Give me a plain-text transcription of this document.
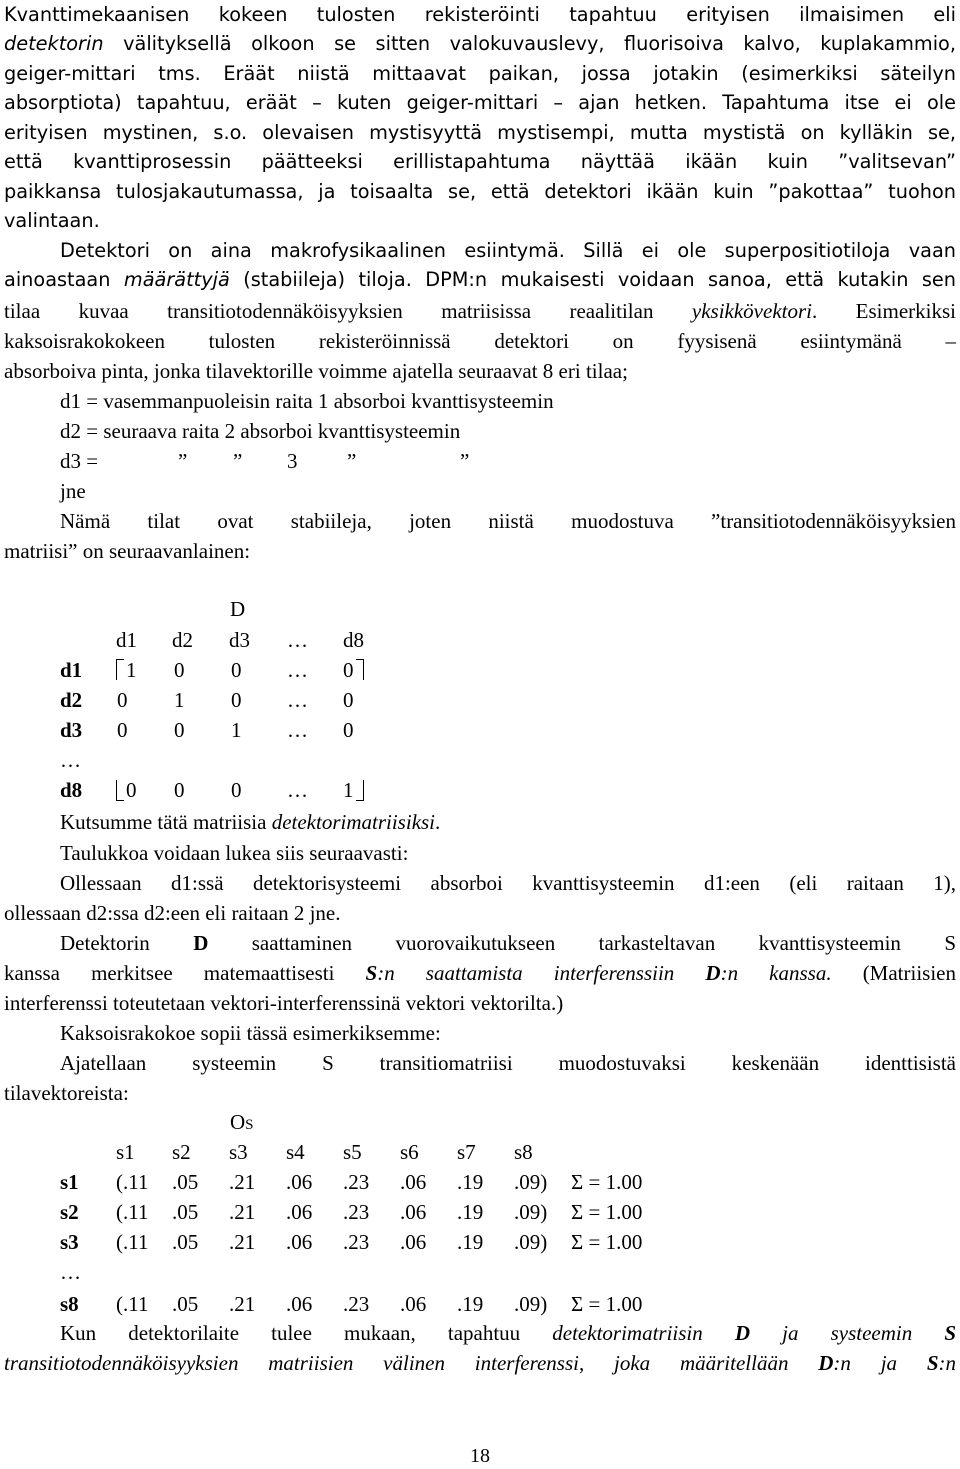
Kvanttimekaanisen kokeen tulosten rekisteröinti tapahtuu erityisen ilmaisimen eli
detektorin välityksellä olkoon se sitten valokuvauslevy, fluorisoiva kalvo, kuplakammio,
geiger-mittari tms. Eräät niistä mittaavat paikan, jossa jotakin (esimerkiksi säteilyn
absorptiota) tapahtuu, eräät – kuten geiger-mittari – ajan hetken. Tapahtuma itse ei ole
erityisen mystinen, s.o. olevaisen mystisyyttä mystisempi, mutta mystistä on kylläkin se,
että kvanttiprosessin päätteeksi erillistapahtuma näyttää ikään kuin ”valitsevan”
paikkansa tulosjakautumassa, ja toisaalta se, että detektori ikään kuin ”pakottaa” tuohon
valintaan.
Detektori on aina makrofysikaalinen esiintymä. Sillä ei ole superpositiotiloja vaan
ainoastaan määrättyjä (stabiileja) tiloja. DPM:n mukaisesti voidaan sanoa, että kutakin sen
tilaa kuvaa transitiotodennäköisyyksien matriisissa reaalitilan yksikkövektori. Esimerkiksi
kaksoisrakokokeen tulosten rekisteröinnissä detektori on fyysisenä esiintymänä –
absorboiva pinta, jonka tilavektorille voimme ajatella seuraavat 8 eri tilaa;
d1 = vasemmanpuoleisin raita 1 absorboi kvanttisysteemin
d2 = seuraava raita 2 absorboi kvanttisysteemin
d3 =	” ” 3 ”	”
jne
Nämä tilat ovat stabiileja, joten niistä muodostuva ”transitiotodennäköisyyksien
matriisi” on seuraavanlainen:
D
d1 d2 d3 … d8
d1 1 0 0 … 0
d2 0 1 0 … 0
d3 0 0 1 … 0
…
d8 0 0 0 … 1
Kutsumme tätä matriisia detektorimatriisiksi.
Taulukkoa voidaan lukea siis seuraavasti:
Ollessaan d1:ssä detektorisysteemi absorboi kvanttisysteemin d1:een (eli raitaan 1),
ollessaan d2:ssa d2:een eli raitaan 2 jne.
Detektorin D saattaminen vuorovaikutukseen tarkasteltavan kvanttisysteemin S
kanssa merkitsee matemaattisesti S:n saattamista interferenssiin D:n kanssa. (Matriisien
interferenssi toteutetaan vektori-interferenssinä vektori vektorilta.)
Kaksoisrakokoe sopii tässä esimerkiksemme:
Ajatellaan systeemin S transitiomatriisi muodostuvaksi keskenään identtisistä
tilavektoreista:
OS
s1 s2 s3 s4 s5 s6 s7 s8
s1 (.11 .05 .21 .06 .23 .06 .19 .09) Σ = 1.00
s2 (.11 .05 .21 .06 .23 .06 .19 .09) Σ = 1.00
s3 (.11 .05 .21 .06 .23 .06 .19 .09) Σ = 1.00
…
s8 (.11 .05 .21 .06 .23 .06 .19 .09) Σ = 1.00
Kun detektorilaite tulee mukaan, tapahtuu detektorimatriisin D ja systeemin S
transitiotodennäköisyyksien matriisien välinen interferenssi, joka määritellään D:n ja S:n
18
